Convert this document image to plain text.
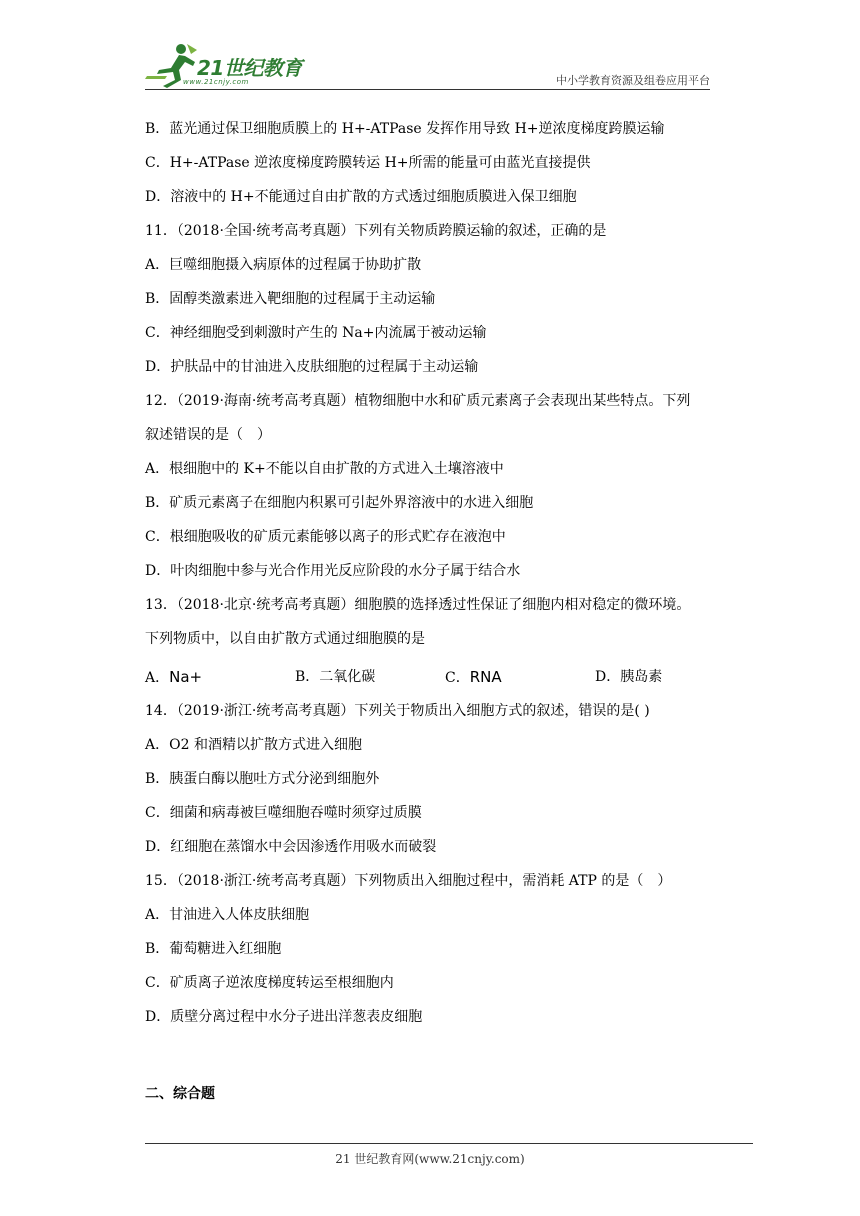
21世纪教育
www.21cnjy.com	中小学教育资源及组卷应用平台
B．蓝光通过保卫细胞质膜上的 H+-ATPase 发挥作用导致 H+逆浓度梯度跨膜运输
C．H+-ATPase 逆浓度梯度跨膜转运 H+所需的能量可由蓝光直接提供
D．溶液中的 H+不能通过自由扩散的方式透过细胞质膜进入保卫细胞
11．（2018·全国·统考高考真题）下列有关物质跨膜运输的叙述，正确的是
A．巨噬细胞摄入病原体的过程属于协助扩散
B．固醇类激素进入靶细胞的过程属于主动运输
C．神经细胞受到刺激时产生的 Na+内流属于被动运输
D．护肤品中的甘油进入皮肤细胞的过程属于主动运输
12．（2019·海南·统考高考真题）植物细胞中水和矿质元素离子会表现出某些特点。下列
叙述错误的是（　）
A．根细胞中的 K+不能以自由扩散的方式进入土壤溶液中
B．矿质元素离子在细胞内积累可引起外界溶液中的水进入细胞
C．根细胞吸收的矿质元素能够以离子的形式贮存在液泡中
D．叶肉细胞中参与光合作用光反应阶段的水分子属于结合水
13．（2018·北京·统考高考真题）细胞膜的选择透过性保证了细胞内相对稳定的微环境。
下列物质中，以自由扩散方式通过细胞膜的是
A．Na+	B．二氧化碳	C．RNA	D．胰岛素
14．（2019·浙江·统考高考真题）下列关于物质出入细胞方式的叙述，错误的是( )
A．O2 和酒精以扩散方式进入细胞
B．胰蛋白酶以胞吐方式分泌到细胞外
C．细菌和病毒被巨噬细胞吞噬时须穿过质膜
D．红细胞在蒸馏水中会因渗透作用吸水而破裂
15．（2018·浙江·统考高考真题）下列物质出入细胞过程中，需消耗 ATP 的是（　）
A．甘油进入人体皮肤细胞
B．葡萄糖进入红细胞
C．矿质离子逆浓度梯度转运至根细胞内
D．质壁分离过程中水分子进出洋葱表皮细胞
二、综合题
21 世纪教育网(www.21cnjy.com)
